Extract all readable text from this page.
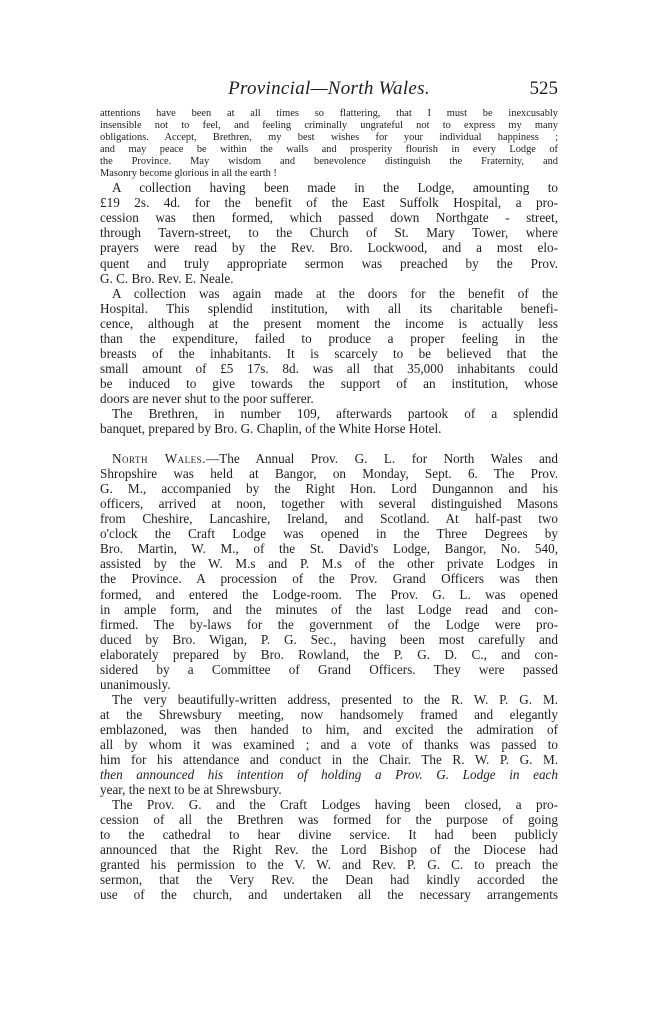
Provincial—North Wales.	525
attentions have been at all times so flattering, that I must be inexcusably
insensible not to feel, and feeling criminally ungrateful not to express my many
obligations. Accept, Brethren, my best wishes for your individual happiness ;
and may peace be within the walls and prosperity flourish in every Lodge of
the Province. May wisdom and benevolence distinguish the Fraternity, and
Masonry become glorious in all the earth !
A collection having been made in the Lodge, amounting to
£19 2s. 4d. for the benefit of the East Suffolk Hospital, a pro-
cession was then formed, which passed down Northgate - street,
through Tavern-street, to the Church of St. Mary Tower, where
prayers were read by the Rev. Bro. Lockwood, and a most elo-
quent and truly appropriate sermon was preached by the Prov.
G. C. Bro. Rev. E. Neale.
A collection was again made at the doors for the benefit of the
Hospital. This splendid institution, with all its charitable benefi-
cence, although at the present moment the income is actually less
than the expenditure, failed to produce a proper feeling in the
breasts of the inhabitants. It is scarcely to be believed that the
small amount of £5 17s. 8d. was all that 35,000 inhabitants could
be induced to give towards the support of an institution, whose
doors are never shut to the poor sufferer.
The Brethren, in number 109, afterwards partook of a splendid
banquet, prepared by Bro. G. Chaplin, of the White Horse Hotel.
North Wales.—The Annual Prov. G. L. for North Wales and
Shropshire was held at Bangor, on Monday, Sept. 6. The Prov.
G. M., accompanied by the Right Hon. Lord Dungannon and his
officers, arrived at noon, together with several distinguished Masons
from Cheshire, Lancashire, Ireland, and Scotland. At half-past two
o'clock the Craft Lodge was opened in the Three Degrees by
Bro. Martin, W. M., of the St. David's Lodge, Bangor, No. 540,
assisted by the W. M.s and P. M.s of the other private Lodges in
the Province. A procession of the Prov. Grand Officers was then
formed, and entered the Lodge-room. The Prov. G. L. was opened
in ample form, and the minutes of the last Lodge read and con-
firmed. The by-laws for the government of the Lodge were pro-
duced by Bro. Wigan, P. G. Sec., having been most carefully and
elaborately prepared by Bro. Rowland, the P. G. D. C., and con-
sidered by a Committee of Grand Officers. They were passed
unanimously.
The very beautifully-written address, presented to the R. W. P. G. M.
at the Shrewsbury meeting, now handsomely framed and elegantly
emblazoned, was then handed to him, and excited the admiration of
all by whom it was examined ; and a vote of thanks was passed to
him for his attendance and conduct in the Chair. The R. W. P. G. M.
then announced his intention of holding a Prov. G. Lodge in each
year, the next to be at Shrewsbury.
The Prov. G. and the Craft Lodges having been closed, a pro-
cession of all the Brethren was formed for the purpose of going
to the cathedral to hear divine service. It had been publicly
announced that the Right Rev. the Lord Bishop of the Diocese had
granted his permission to the V. W. and Rev. P. G. C. to preach the
sermon, that the Very Rev. the Dean had kindly accorded the
use of the church, and undertaken all the necessary arrangements
